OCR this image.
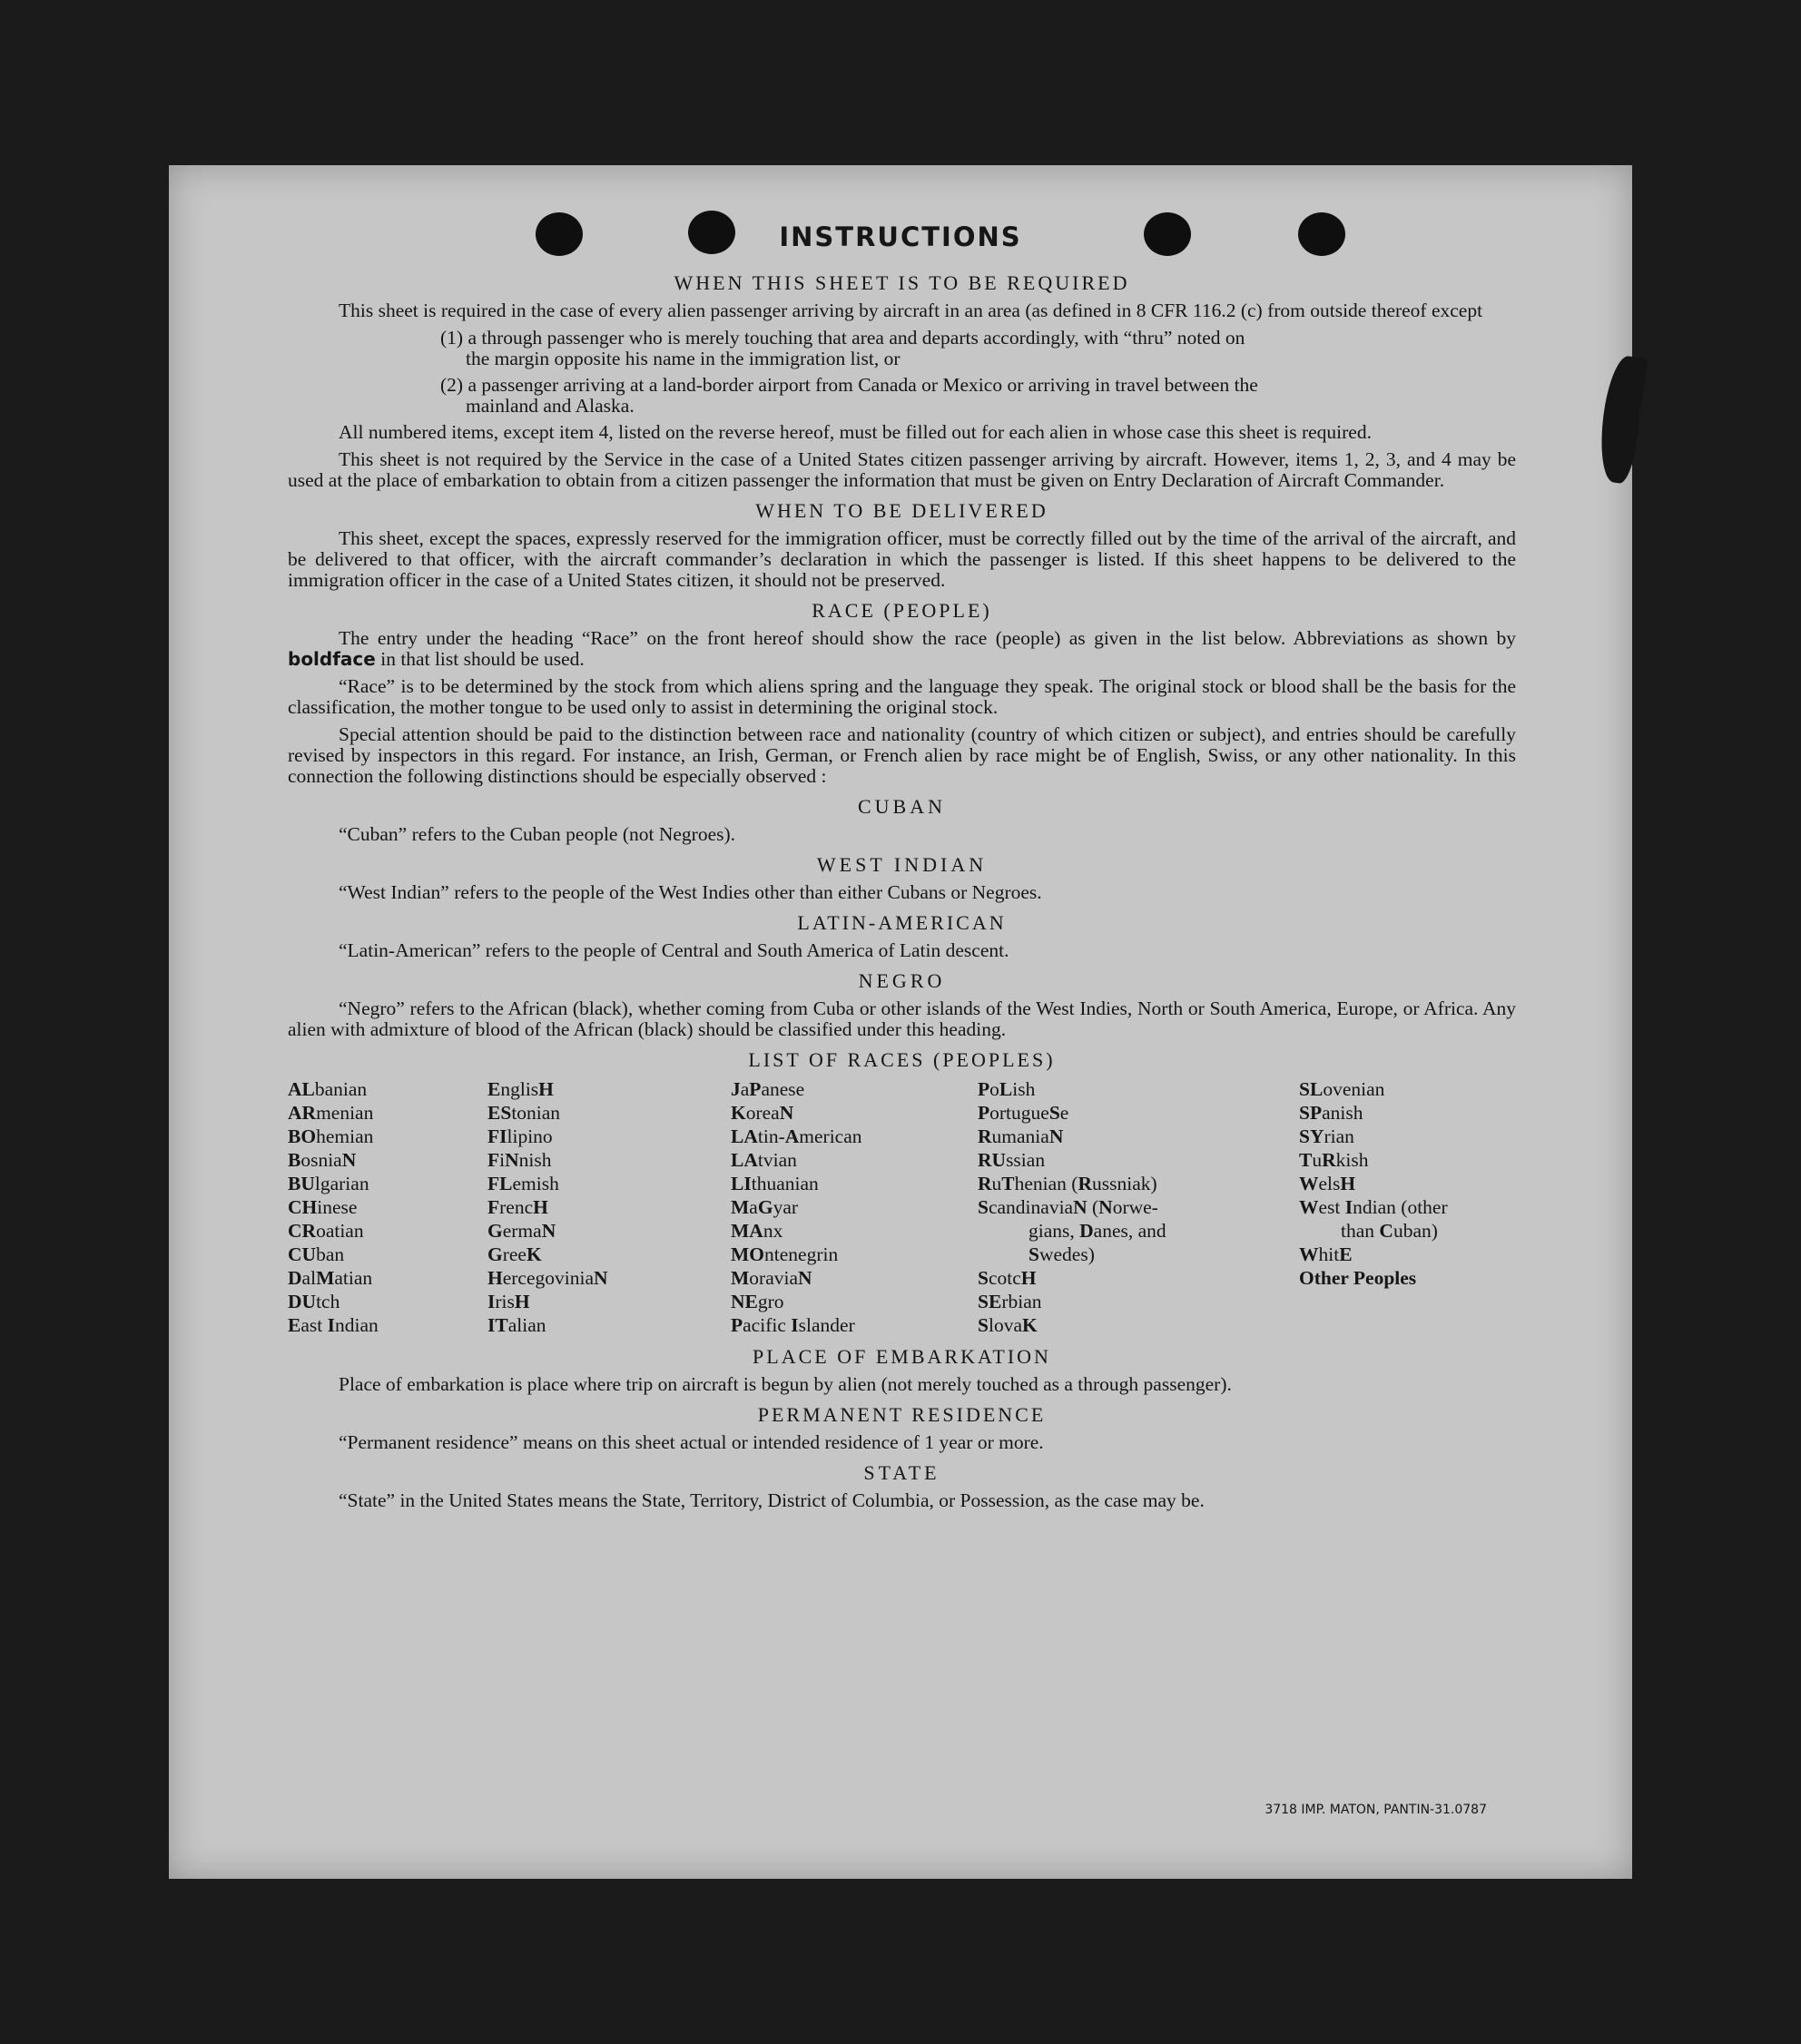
INSTRUCTIONS
WHEN THIS SHEET IS TO BE REQUIRED

This sheet is required in the case of every alien passenger arriving by aircraft in an area (as defined in 8 CFR 116.2 (c) from outside thereof except

(1) a through passenger who is merely touching that area and departs accordingly, with “thru” noted on
the margin opposite his name in the immigration list, or
(2) a passenger arriving at a land-border airport from Canada or Mexico or arriving in travel between the
mainland and Alaska.

All numbered items, except item 4, listed on the reverse hereof, must be filled out for each alien in whose case this sheet is required.

This sheet is not required by the Service in the case of a United States citizen passenger arriving by aircraft. However, items 1, 2, 3, and 4 may be used at the place of embarkation to obtain from a citizen passenger the information that must be given on Entry Declaration of Aircraft Commander.

WHEN TO BE DELIVERED

This sheet, except the spaces, expressly reserved for the immigration officer, must be correctly filled out by the time of the arrival of the aircraft, and be delivered to that officer, with the aircraft commander’s declaration in which the passenger is listed. If this sheet happens to be delivered to the immigration officer in the case of a United States citizen, it should not be preserved.

RACE (PEOPLE)

The entry under the heading “Race” on the front hereof should show the race (people) as given in the list below. Abbreviations as shown by boldface in that list should be used.

“Race” is to be determined by the stock from which aliens spring and the language they speak. The original stock or blood shall be the basis for the classification, the mother tongue to be used only to assist in determining the original stock.

Special attention should be paid to the distinction between race and nationality (country of which citizen or subject), and entries should be carefully revised by inspectors in this regard. For instance, an Irish, German, or French alien by race might be of English, Swiss, or any other nationality. In this connection the following distinctions should be especially observed :

CUBAN

“Cuban” refers to the Cuban people (not Negroes).

WEST INDIAN

“West Indian” refers to the people of the West Indies other than either Cubans or Negroes.

LATIN-AMERICAN

“Latin-American” refers to the people of Central and South America of Latin descent.

NEGRO

“Negro” refers to the African (black), whether coming from Cuba or other islands of the West Indies, North or South America, Europe, or Africa. Any alien with admixture of blood of the African (black) should be classified under this heading.

LIST OF RACES (PEOPLES)
ALbanian
ARmenian
BOhemian
BosniaN
BUlgarian
CHinese
CRoatian
CUban
DalMatian
DUtch
East Indian
EnglisH
EStonian
FIlipino
FiNnish
FLemish
FrencH
GermaN
GreeK
HercegoviniaN
IrisH
ITalian
JaPanese
KoreaN
LAtin-American
LAtvian
LIthuanian
MaGyar
MAnx
MOntenegrin
MoraviaN
NEgro
Pacific Islander
PoLish
PortugueSe
RumaniaN
RUssian
RuThenian (Russniak)
ScandinaviaN (Norwe-
gians, Danes, and
Swedes)
ScotcH
SErbian
SlovaK
SLovenian
SPanish
SYrian
TuRkish
WelsH
West Indian (other
than Cuban)
WhitE
Other Peoples
PLACE OF EMBARKATION

Place of embarkation is place where trip on aircraft is begun by alien (not merely touched as a through passenger).

PERMANENT RESIDENCE

“Permanent residence” means on this sheet actual or intended residence of 1 year or more.

STATE

“State” in the United States means the State, Territory, District of Columbia, or Possession, as the case may be.

3718 IMP. MATON, PANTIN-31.0787
